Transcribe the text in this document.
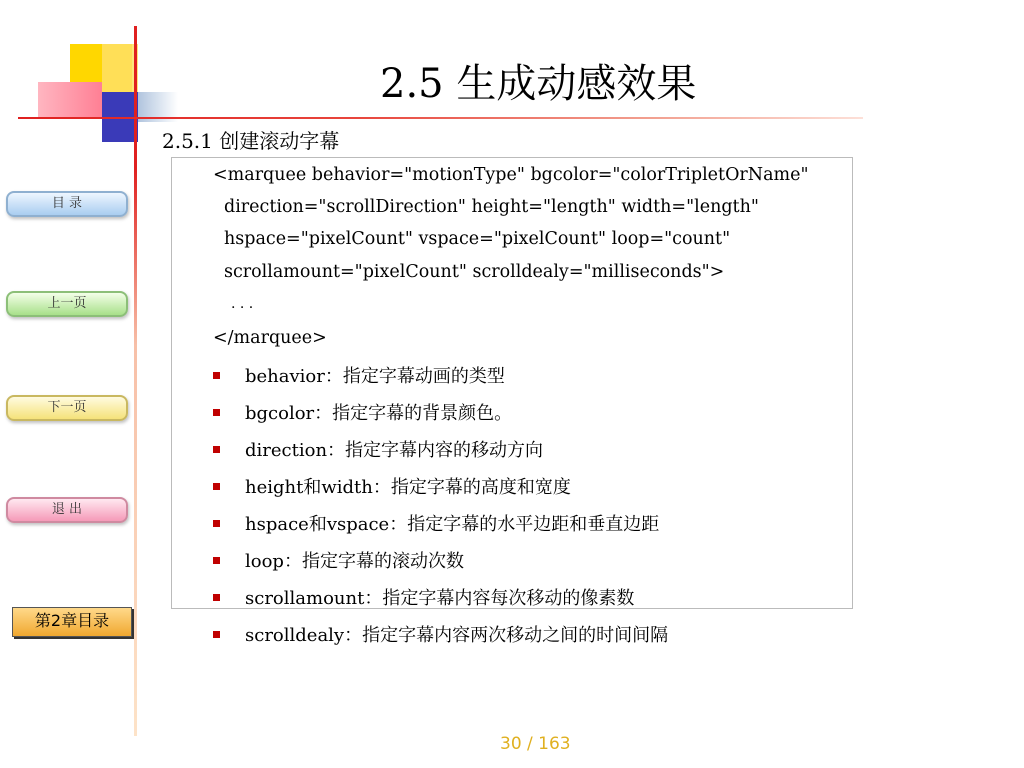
2.5 生成动感效果
2.5.1 创建滚动字幕
目 录
上一页
下一页
退 出
第2章目录
<marquee behavior="motionType" bgcolor="colorTripletOrName"
direction="scrollDirection" height="length" width="length"
hspace="pixelCount" vspace="pixelCount" loop="count"
scrollamount="pixelCount" scrolldealy="milliseconds">
. . .
</marquee>
behavior：指定字幕动画的类型
bgcolor：指定字幕的背景颜色。
direction：指定字幕内容的移动方向
height和width：指定字幕的高度和宽度
hspace和vspace：指定字幕的水平边距和垂直边距
loop：指定字幕的滚动次数
scrollamount：指定字幕内容每次移动的像素数
scrolldealy：指定字幕内容两次移动之间的时间间隔
30 / 163
